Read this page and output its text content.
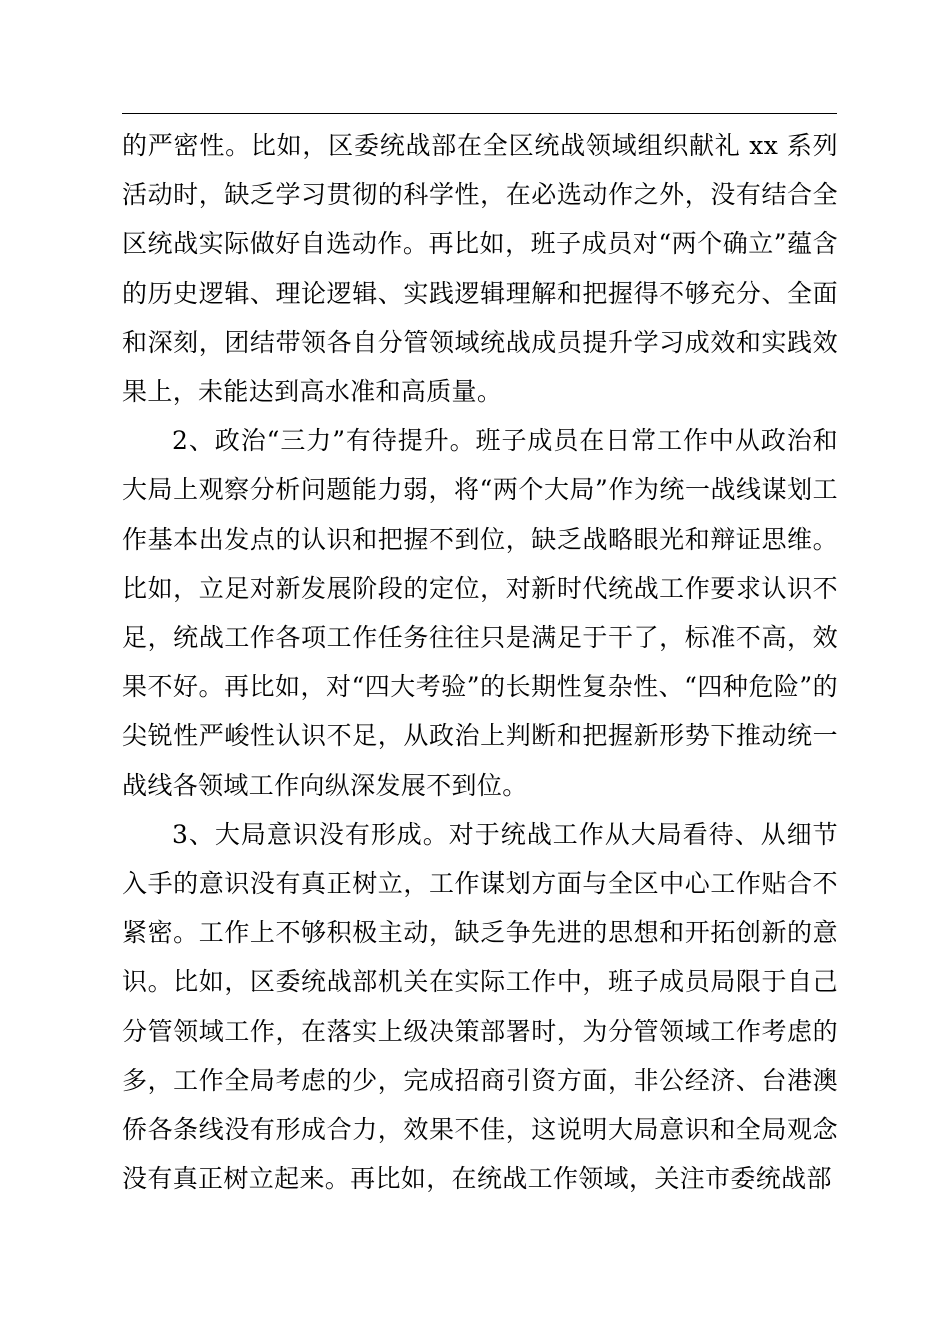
的严密性。比如，区委统战部在全区统战领域组织献礼 xx 系列活动时，缺乏学习贯彻的科学性，在必选动作之外，没有结合全区统战实际做好自选动作。再比如，班子成员对“两个确立”蕴含的历史逻辑、理论逻辑、实践逻辑理解和把握得不够充分、全面和深刻，团结带领各自分管领域统战成员提升学习成效和实践效果上，未能达到高水准和高质量。

2、政治“三力”有待提升。班子成员在日常工作中从政治和大局上观察分析问题能力弱，将“两个大局”作为统一战线谋划工作基本出发点的认识和把握不到位，缺乏战略眼光和辩证思维。比如，立足对新发展阶段的定位，对新时代统战工作要求认识不足，统战工作各项工作任务往往只是满足于干了，标准不高，效果不好。再比如，对“四大考验”的长期性复杂性、“四种危险”的尖锐性严峻性认识不足，从政治上判断和把握新形势下推动统一战线各领域工作向纵深发展不到位。

3、大局意识没有形成。对于统战工作从大局看待、从细节入手的意识没有真正树立，工作谋划方面与全区中心工作贴合不紧密。工作上不够积极主动，缺乏争先进的思想和开拓创新的意识。比如，区委统战部机关在实际工作中，班子成员局限于自己分管领域工作，在落实上级决策部署时，为分管领域工作考虑的多，工作全局考虑的少，完成招商引资方面，非公经济、台港澳侨各条线没有形成合力，效果不佳，这说明大局意识和全局观念没有真正树立起来。再比如，在统战工作领域，关注市委统战部
